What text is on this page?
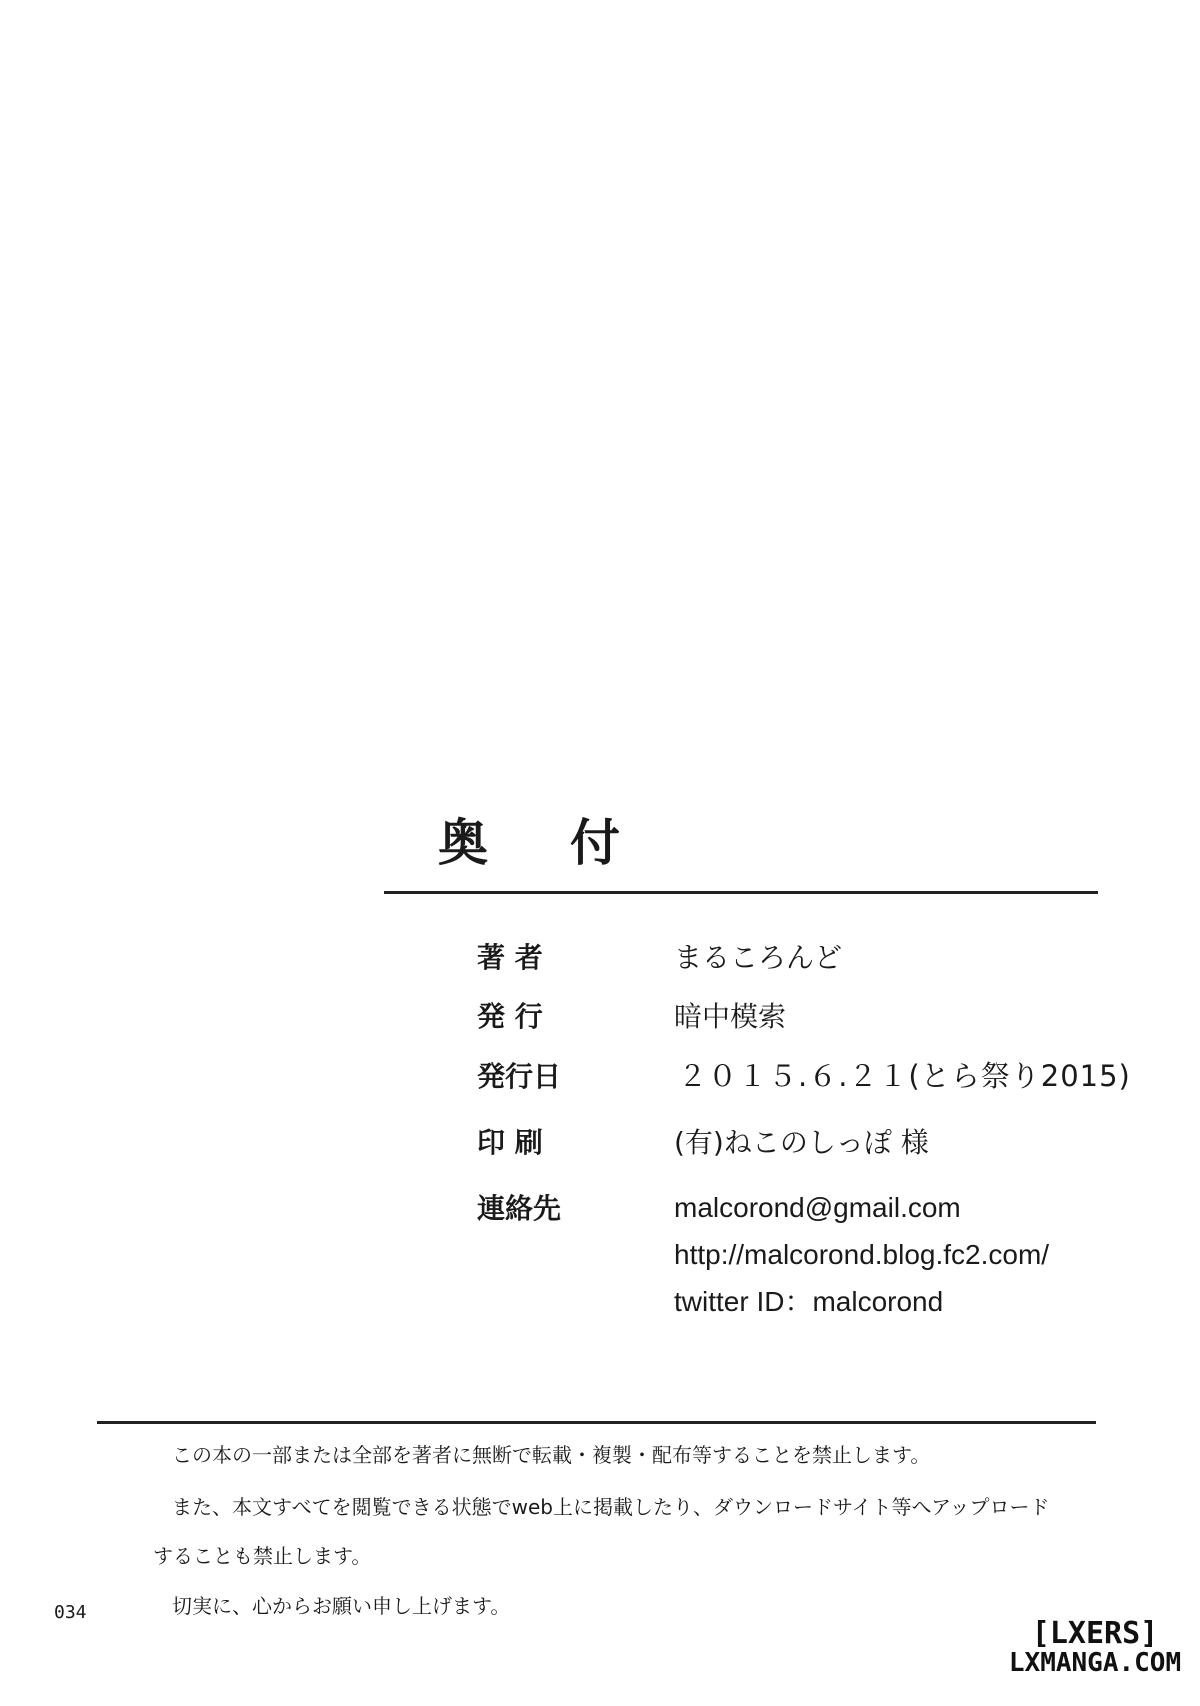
奥付
著 者	まるころんど
発 行	暗中模索
発行日	２０１５.６.２１(とら祭り2015)
印 刷	(有)ねこのしっぽ 様
連絡先	malcorond@gmail.com
http://malcorond.blog.fc2.com/
twitter ID：malcorond
この本の一部または全部を著者に無断で転載・複製・配布等することを禁止します。
また、本文すべてを閲覧できる状態でweb上に掲載したり、ダウンロードサイト等へアップロード
することも禁止します。
切実に、心からお願い申し上げます。
034
[LXERS]
LXMANGA.COM
